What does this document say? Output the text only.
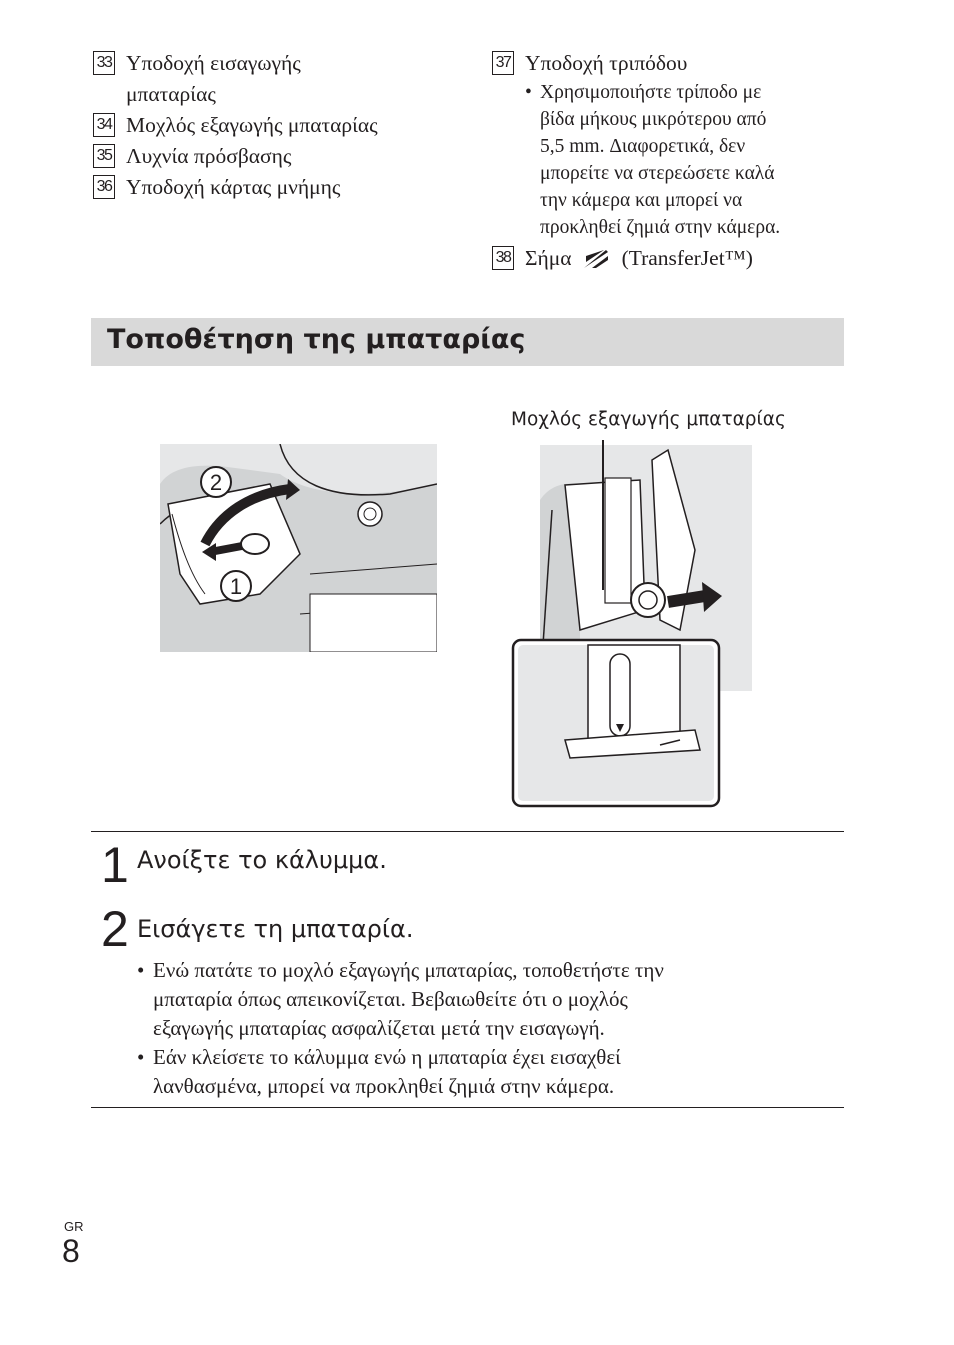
33 Υποδοχή εισαγωγής
μπαταρίας
34 Μοχλός εξαγωγής μπαταρίας
35 Λυχνία πρόσβασης
36 Υποδοχή κάρτας μνήμης
37 Υποδοχή τριπόδου
• Χρησιμοποιήστε τρίποδο με
βίδα μήκους μικρότερου από
5,5 mm. Διαφορετικά, δεν
μπορείτε να στερεώσετε καλά
την κάμερα και μπορεί να
προκληθεί ζημιά στην κάμερα.
38 Σήμα (TransferJet™)
Τοποθέτηση της μπαταρίας
Μοχλός εξαγωγής μπαταρίας
2
1
1 Ανοίξτε το κάλυμμα.
2 Εισάγετε τη μπαταρία.
• Ενώ πατάτε το μοχλό εξαγωγής μπαταρίας, τοποθετήστε την
μπαταρία όπως απεικονίζεται. Βεβαιωθείτε ότι ο μοχλός
εξαγωγής μπαταρίας ασφαλίζεται μετά την εισαγωγή.
• Εάν κλείσετε το κάλυμμα ενώ η μπαταρία έχει εισαχθεί
λανθασμένα, μπορεί να προκληθεί ζημιά στην κάμερα.
GR
8
